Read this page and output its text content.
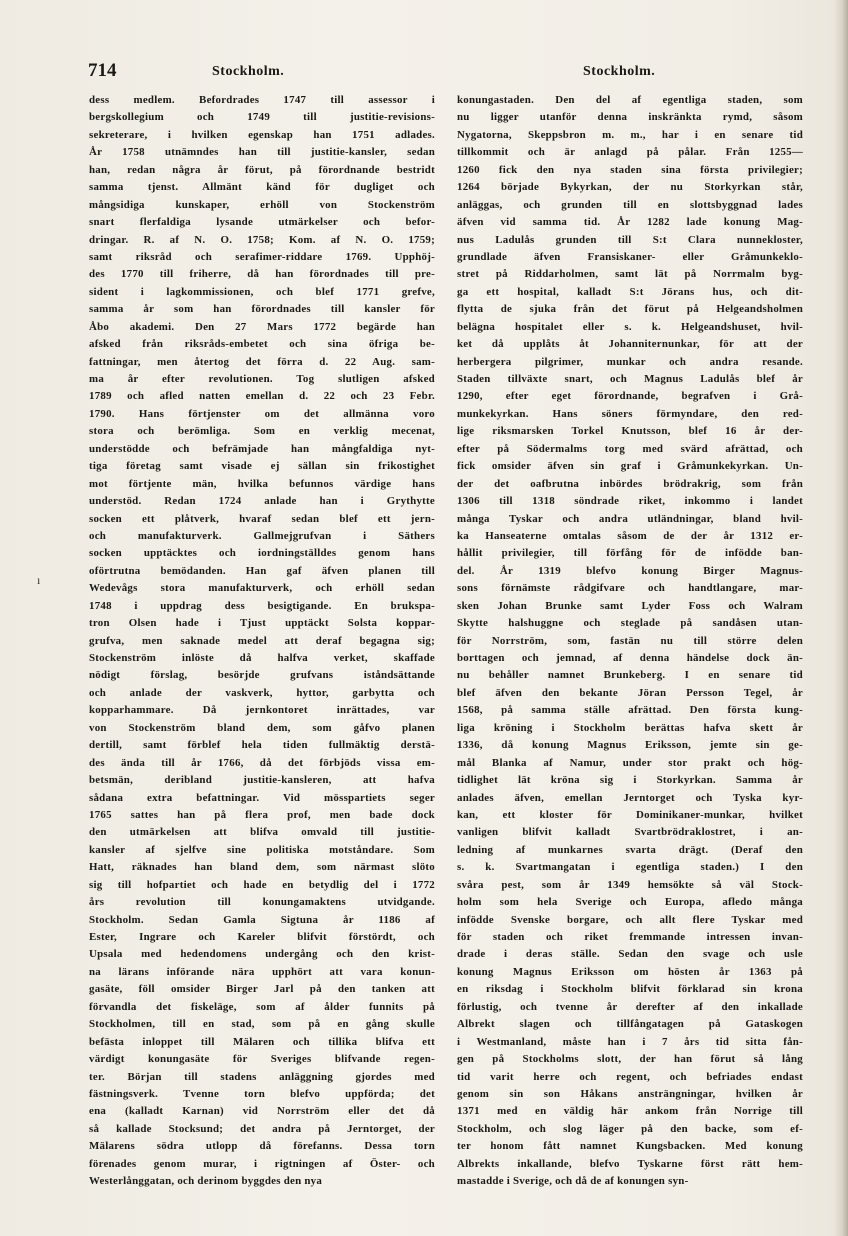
714	Stockholm.	Stockholm.
ı
dess medlem. Befordrades 1747 till assessor i
bergskollegium och 1749 till justitie-revisions-
sekreterare, i hvilken egenskap han 1751 adlades.
År 1758 utnämndes han till justitie-kansler, sedan
han, redan några år förut, på förordnande bestridt
samma tjenst. Allmänt känd för dugliget och
mångsidiga kunskaper, erhöll von Stockenström
snart flerfaldiga lysande utmärkelser och befor-
dringar. R. af N. O. 1758; Kom. af N. O. 1759;
samt riksråd och serafimer-riddare 1769. Upphöj-
des 1770 till friherre, då han förordnades till pre-
sident i lagkommissionen, och blef 1771 grefve,
samma år som han förordnades till kansler för
Åbo akademi. Den 27 Mars 1772 begärde han
afsked från riksråds-embetet och sina öfriga be-
fattningar, men återtog det förra d. 22 Aug. sam-
ma år efter revolutionen. Tog slutligen afsked
1789 och afled natten emellan d. 22 och 23 Febr.
1790. Hans förtjenster om det allmänna voro
stora och berömliga. Som en verklig mecenat,
understödde och befrämjade han mångfaldiga nyt-
tiga företag samt visade ej sällan sin frikostighet
mot förtjente män, hvilka befunnos värdige hans
understöd. Redan 1724 anlade han i Grythytte
socken ett plåtverk, hvaraf sedan blef ett jern-
och manufakturverk. Gallmejgrufvan i Säthers
socken upptäcktes och iordningställdes genom hans
oförtrutna bemödanden. Han gaf äfven planen till
Wedevågs stora manufakturverk, och erhöll sedan
1748 i uppdrag dess besigtigande. En brukspa-
tron Olsen hade i Tjust upptäckt Solsta koppar-
grufva, men saknade medel att deraf begagna sig;
Stockenström inlöste då halfva verket, skaffade
nödigt förslag, besörjde grufvans iståndsättande
och anlade der vaskverk, hyttor, garbytta och
kopparhammare. Då jernkontoret inrättades, var
von Stockenström bland dem, som gåfvo planen
dertill, samt förblef hela tiden fullmäktig derstä-
des ända till år 1766, då det förbjöds vissa em-
betsmän, deribland justitie-kansleren, att hafva
sådana extra befattningar. Vid mösspartiets seger
1765 sattes han på flera prof, men bade dock
den utmärkelsen att blifva omvald till justitie-
kansler af sjelfve sine politiska motståndare. Som
Hatt, räknades han bland dem, som närmast slöto
sig till hofpartiet och hade en betydlig del i 1772
års revolution till konungamaktens utvidgande.
Stockholm. Sedan Gamla Sigtuna år 1186 af
Ester, Ingrare och Kareler blifvit förstördt, och
Upsala med hedendomens undergång och den krist-
na lärans införande nära upphört att vara konun-
gasäte, föll omsider Birger Jarl på den tanken att
förvandla det fiskeläge, som af ålder funnits på
Stockholmen, till en stad, som på en gång skulle
befästa inloppet till Mälaren och tillika blifva ett
värdigt konungasäte för Sveriges blifvande regen-
ter. Början till stadens anläggning gjordes med
fästningsverk. Tvenne torn blefvo uppförda; det
ena (kalladt Karnan) vid Norrström eller det då
så kallade Stocksund; det andra på Jerntorget, der
Mälarens södra utlopp då förefanns. Dessa torn
förenades genom murar, i rigtningen af Öster- och
Westerlånggatan, och derinom byggdes den nya
konungastaden. Den del af egentliga staden, som
nu ligger utanför denna inskränkta rymd, såsom
Nygatorna, Skeppsbron m. m., har i en senare tid
tillkommit och är anlagd på pålar. Från 1255—
1260 fick den nya staden sina första privilegier;
1264 började Bykyrkan, der nu Storkyrkan står,
anläggas, och grunden till en slottsbyggnad lades
äfven vid samma tid. År 1282 lade konung Mag-
nus Ladulås grunden till S:t Clara nunnekloster,
grundlade äfven Fransiskaner- eller Gråmunkeklo-
stret på Riddarholmen, samt lät på Norrmalm byg-
ga ett hospital, kalladt S:t Jörans hus, och dit-
flytta de sjuka från det förut på Helgeandsholmen
belägna hospitalet eller s. k. Helgeandshuset, hvil-
ket då upplåts åt Johanniternunkar, för att der
herbergera pilgrimer, munkar och andra resande.
Staden tillväxte snart, och Magnus Ladulås blef år
1290, efter eget förordnande, begrafven i Grå-
munkekyrkan. Hans söners förmyndare, den red-
lige riksmarsken Torkel Knutsson, blef 16 år der-
efter på Södermalms torg med svärd afrättad, och
fick omsider äfven sin graf i Gråmunkekyrkan. Un-
der det oafbrutna inbördes brödrakrig, som från
1306 till 1318 söndrade riket, inkommo i landet
många Tyskar och andra utländningar, bland hvil-
ka Hanseaterne omtalas såsom de der år 1312 er-
hållit privilegier, till förfång för de infödde ban-
del. År 1319 blefvo konung Birger Magnus-
sons förnämste rådgifvare och handtlangare, mar-
sken Johan Brunke samt Lyder Foss och Walram
Skytte halshuggne och steglade på sandåsen utan-
för Norrström, som, fastän nu till större delen
borttagen och jemnad, af denna händelse dock än-
nu behåller namnet Brunkeberg. I en senare tid
blef äfven den bekante Jöran Persson Tegel, år
1568, på samma ställe afrättad. Den första kung-
liga kröning i Stockholm berättas hafva skett år
1336, då konung Magnus Eriksson, jemte sin ge-
mål Blanka af Namur, under stor prakt och hög-
tidlighet lät kröna sig i Storkyrkan. Samma år
anlades äfven, emellan Jerntorget och Tyska kyr-
kan, ett kloster för Dominikaner-munkar, hvilket
vanligen blifvit kalladt Svartbrödraklostret, i an-
ledning af munkarnes svarta drägt. (Deraf den
s. k. Svartmangatan i egentliga staden.) I den
svåra pest, som år 1349 hemsökte så väl Stock-
holm som hela Sverige och Europa, afledo många
infödde Svenske borgare, och allt flere Tyskar med
för staden och riket fremmande intressen invan-
drade i deras ställe. Sedan den svage och usle
konung Magnus Eriksson om hösten år 1363 på
en riksdag i Stockholm blifvit förklarad sin krona
förlustig, och tvenne år derefter af den inkallade
Albrekt slagen och tillfångatagen på Gataskogen
i Westmanland, måste han i 7 års tid sitta fån-
gen på Stockholms slott, der han förut så lång
tid varit herre och regent, och befriades endast
genom sin son Håkans ansträngningar, hvilken år
1371 med en väldig här ankom från Norrige till
Stockholm, och slog läger på den backe, som ef-
ter honom fått namnet Kungsbacken. Med konung
Albrekts inkallande, blefvo Tyskarne först rätt hem-
mastadde i Sverige, och då de af konungen syn-
